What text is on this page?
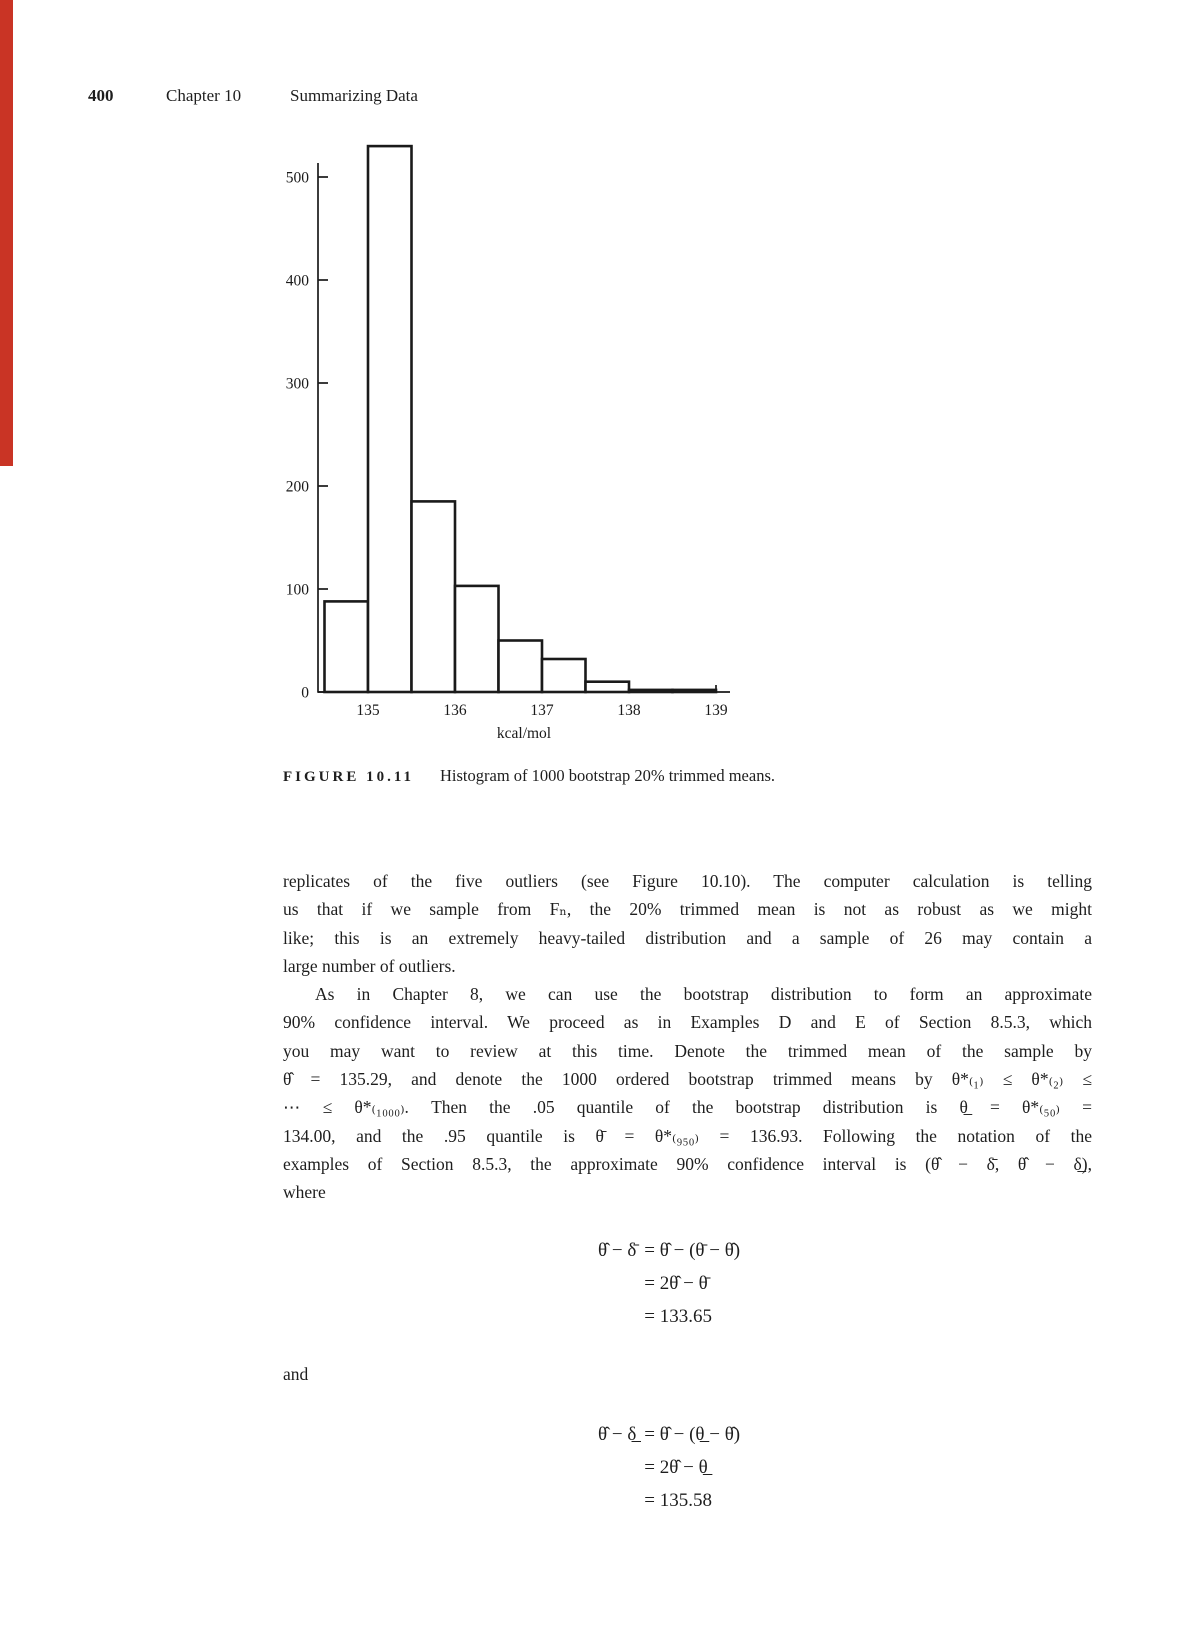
400	Chapter 10	Summarizing Data
0
100
200
300
400
500
135	136	137	138	139
kcal/mol
FIGURE 10.11 Histogram of 1000 bootstrap 20% trimmed means.
replicates of the five outliers (see Figure 10.10). The computer calculation is telling
us that if we sample from Fₙ, the 20% trimmed mean is not as robust as we might
like; this is an extremely heavy-tailed distribution and a sample of 26 may contain a
large number of outliers.
As in Chapter 8, we can use the bootstrap distribution to form an approximate
90% confidence interval. We proceed as in Examples D and E of Section 8.5.3, which
you may want to review at this time. Denote the trimmed mean of the sample by
θ̂ = 135.29, and denote the 1000 ordered bootstrap trimmed means by θ*₍₁₎ ≤ θ*₍₂₎ ≤
⋯ ≤ θ*₍₁₀₀₀₎. Then the .05 quantile of the bootstrap distribution is θ̲ = θ*₍₅₀₎ =
134.00, and the .95 quantile is θ̄ = θ*₍₉₅₀₎ = 136.93. Following the notation of the
examples of Section 8.5.3, the approximate 90% confidence interval is (θ̂ − δ̄, θ̂ − δ̲),
where
θ̂ − δ̄ = θ̂ − (θ̄ − θ̂)
= 2θ̂ − θ̄
= 133.65
and
θ̂ − δ̲ = θ̂ − (θ̲ − θ̂)
= 2θ̂ − θ̲
= 135.58
